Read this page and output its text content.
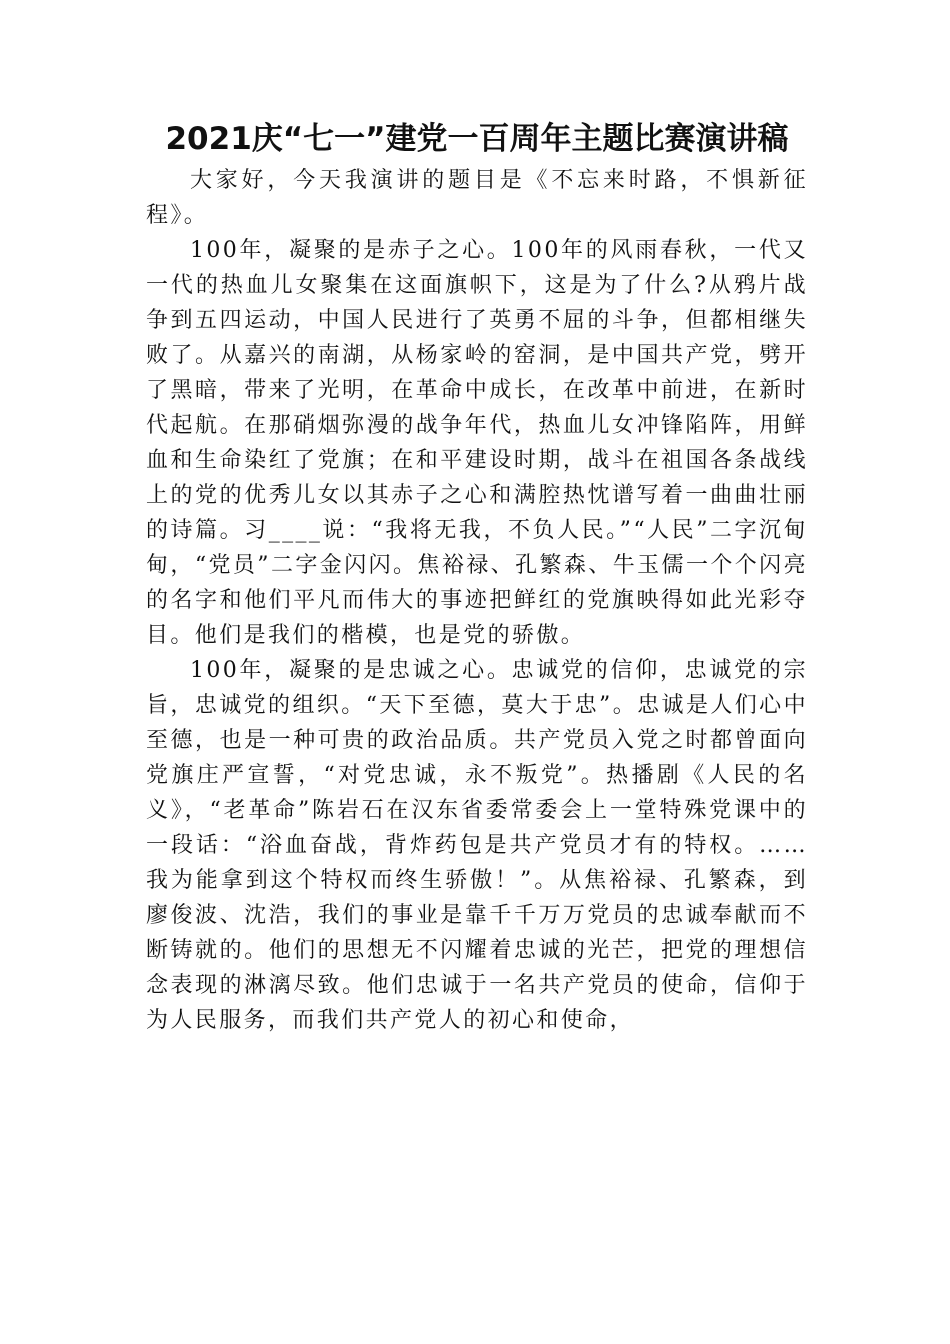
2021庆“七一”建党一百周年主题比赛演讲稿

大家好，今天我演讲的题目是《不忘来时路，不惧新征程》。

100年，凝聚的是赤子之心。100年的风雨春秋，一代又一代的热血儿女聚集在这面旗帜下，这是为了什么?从鸦片战争到五四运动，中国人民进行了英勇不屈的斗争，但都相继失败了。从嘉兴的南湖，从杨家岭的窑洞，是中国共产党，劈开了黑暗，带来了光明，在革命中成长，在改革中前进，在新时代起航。在那硝烟弥漫的战争年代，热血儿女冲锋陷阵，用鲜血和生命染红了党旗；在和平建设时期，战斗在祖国各条战线上的党的优秀儿女以其赤子之心和满腔热忱谱写着一曲曲壮丽的诗篇。习____说：“我将无我，不负人民。”“人民”二字沉甸甸，“党员”二字金闪闪。焦裕禄、孔繁森、牛玉儒一个个闪亮的名字和他们平凡而伟大的事迹把鲜红的党旗映得如此光彩夺目。他们是我们的楷模，也是党的骄傲。

100年，凝聚的是忠诚之心。忠诚党的信仰，忠诚党的宗旨，忠诚党的组织。“天下至德，莫大于忠”。忠诚是人们心中至德，也是一种可贵的政治品质。共产党员入党之时都曾面向党旗庄严宣誓，“对党忠诚，永不叛党”。热播剧《人民的名义》，“老革命”陈岩石在汉东省委常委会上一堂特殊党课中的一段话：“浴血奋战，背炸药包是共产党员才有的特权。……我为能拿到这个特权而终生骄傲！”。从焦裕禄、孔繁森，到廖俊波、沈浩，我们的事业是靠千千万万党员的忠诚奉献而不断铸就的。他们的思想无不闪耀着忠诚的光芒，把党的理想信念表现的淋漓尽致。他们忠诚于一名共产党员的使命，信仰于为人民服务，而我们共产党人的初心和使命，
